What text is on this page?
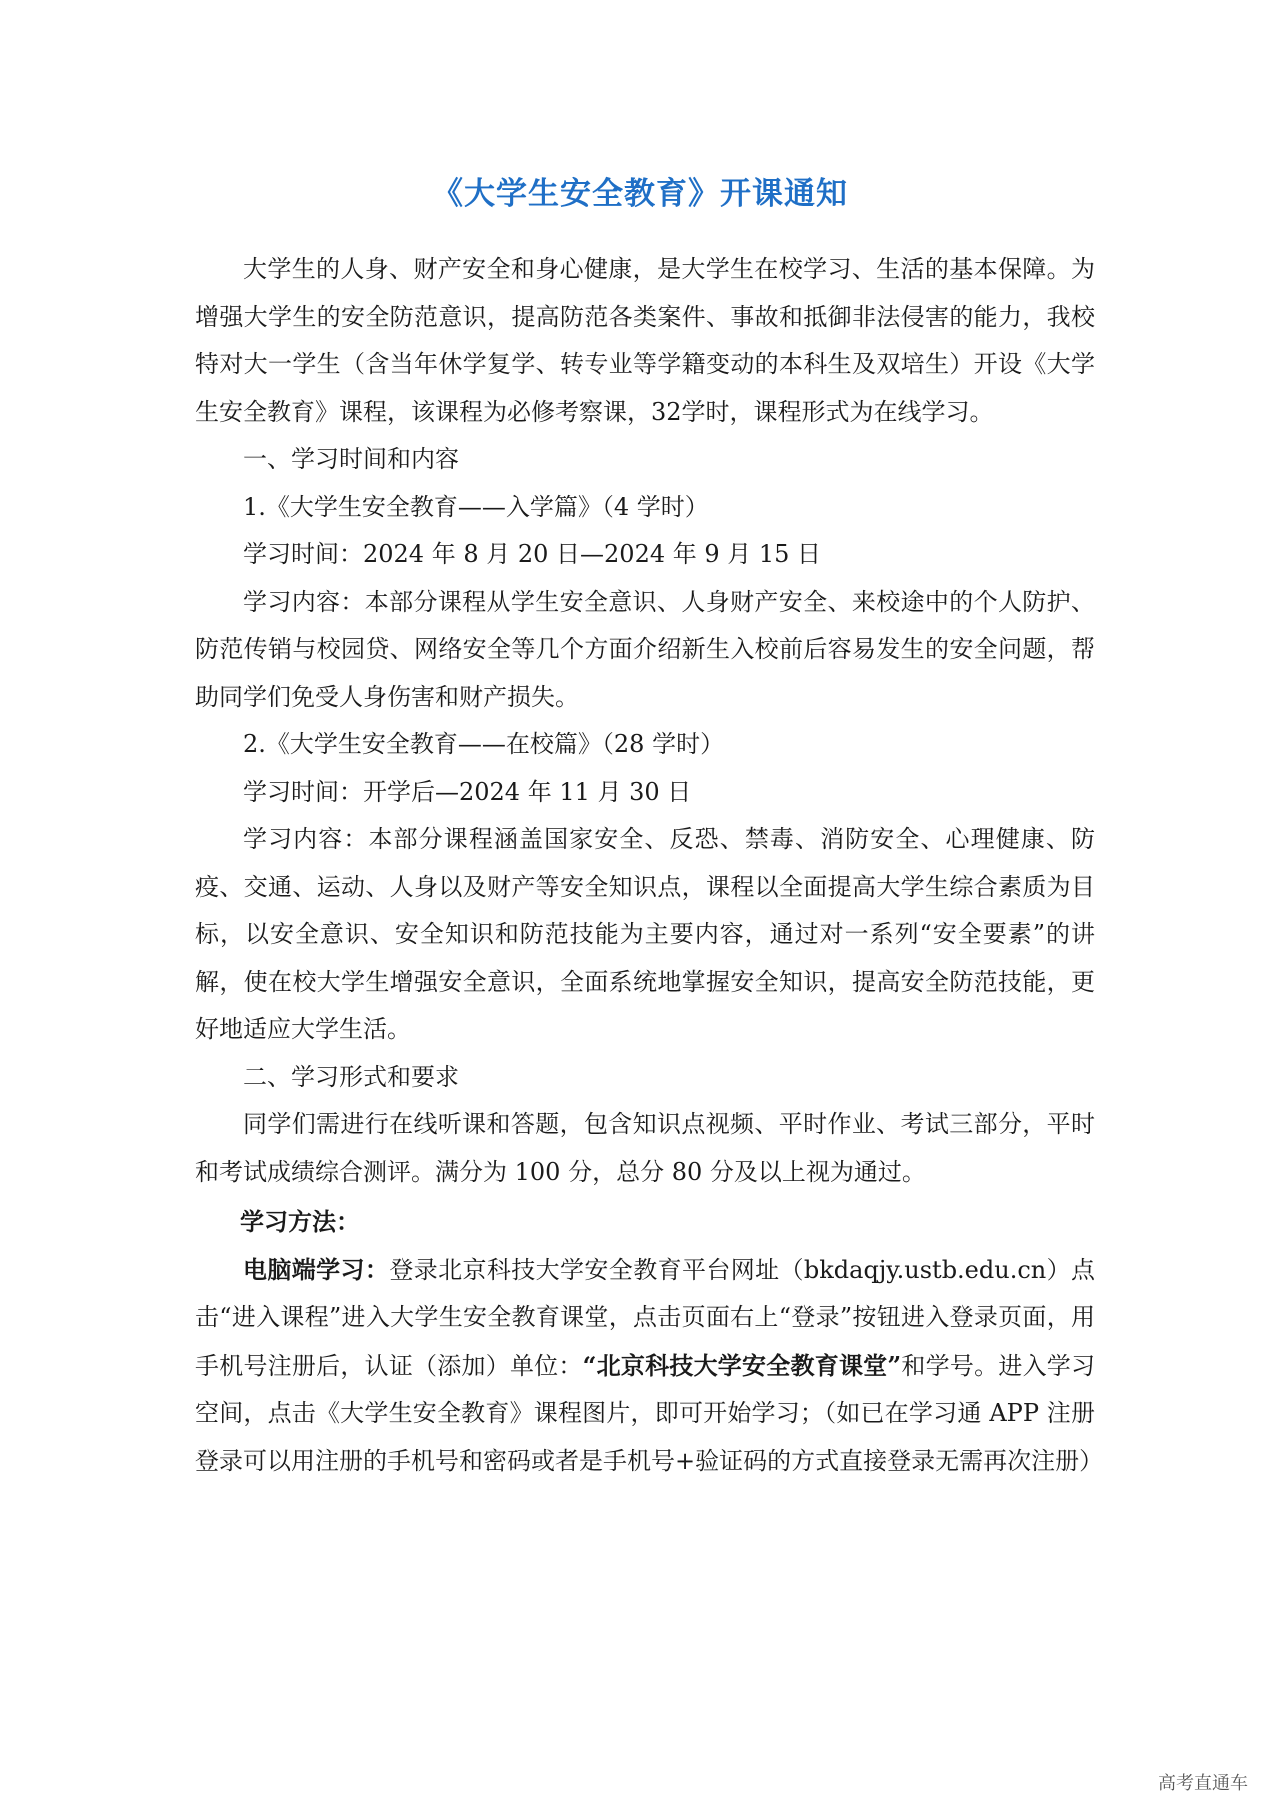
《大学生安全教育》开课通知

大学生的人身、财产安全和身心健康，是大学生在校学习、生活的基本保障。为增强大学生的安全防范意识，提高防范各类案件、事故和抵御非法侵害的能力，我校特对大一学生（含当年休学复学、转专业等学籍变动的本科生及双培生）开设《大学生安全教育》课程，该课程为必修考察课，32学时，课程形式为在线学习。

一、学习时间和内容

1.《大学生安全教育——入学篇》（4 学时）

学习时间：2024 年 8 月 20 日—2024 年 9 月 15 日

学习内容：本部分课程从学生安全意识、人身财产安全、来校途中的个人防护、防范传销与校园贷、网络安全等几个方面介绍新生入校前后容易发生的安全问题，帮助同学们免受人身伤害和财产损失。

2.《大学生安全教育——在校篇》（28 学时）

学习时间：开学后—2024 年 11 月 30 日

学习内容：本部分课程涵盖国家安全、反恐、禁毒、消防安全、心理健康、防疫、交通、运动、人身以及财产等安全知识点，课程以全面提高大学生综合素质为目标，以安全意识、安全知识和防范技能为主要内容，通过对一系列“安全要素”的讲解，使在校大学生增强安全意识，全面系统地掌握安全知识，提高安全防范技能，更好地适应大学生活。

二、学习形式和要求

同学们需进行在线听课和答题，包含知识点视频、平时作业、考试三部分，平时和考试成绩综合测评。满分为 100 分，总分 80 分及以上视为通过。

学习方法：

电脑端学习：登录北京科技大学安全教育平台网址（bkdaqjy.ustb.edu.cn）点击“进入课程”进入大学生安全教育课堂，点击页面右上“登录”按钮进入登录页面，用手机号注册后，认证（添加）单位：“北京科技大学安全教育课堂”和学号。进入学习空间，点击《大学生安全教育》课程图片，即可开始学习；（如已在学习通 APP 注册登录可以用注册的手机号和密码或者是手机号+验证码的方式直接登录无需再次注册）

高考直通车
